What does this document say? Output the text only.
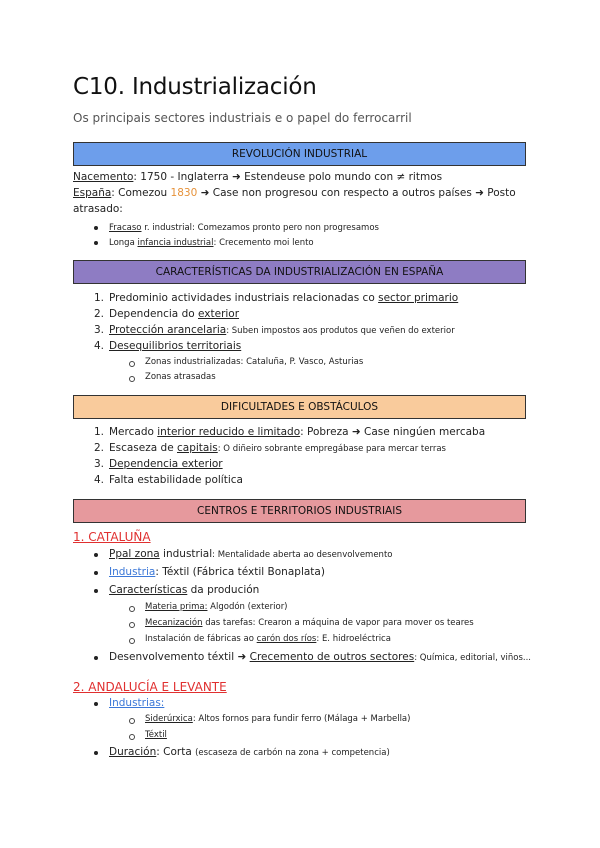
C10. Industrialización
Os principais sectores industriais e o papel do ferrocarril
REVOLUCIÓN INDUSTRIAL
Nacemento: 1750 - Inglaterra ➜ Estendeuse polo mundo con ≠ ritmos
España: Comezou 1830 ➜ Case non progresou con respecto a outros países ➜ Posto
atrasado:
Fracaso r. industrial: Comezamos pronto pero non progresamos
Longa infancia industrial: Crecemento moi lento
CARACTERÍSTICAS DA INDUSTRIALIZACIÓN EN ESPAÑA
1. Predominio actividades industriais relacionadas co sector primario
2. Dependencia do exterior
3. Protección arancelaria: Suben impostos aos produtos que veñen do exterior
4. Desequilibrios territoriais
Zonas industrializadas: Cataluña, P. Vasco, Asturias
Zonas atrasadas
DIFICULTADES E OBSTÁCULOS
1. Mercado interior reducido e limitado: Pobreza ➜ Case ningúen mercaba
2. Escaseza de capitais: O diñeiro sobrante empregábase para mercar terras
3. Dependencia exterior
4. Falta estabilidade política
CENTROS E TERRITORIOS INDUSTRIAIS
1. CATALUÑA
Ppal zona industrial: Mentalidade aberta ao desenvolvemento
Industria: Téxtil (Fábrica téxtil Bonaplata)
Características da produción
Materia prima: Algodón (exterior)
Mecanización das tarefas: Crearon a máquina de vapor para mover os teares
Instalación de fábricas ao carón dos ríos: E. hidroeléctrica
Desenvolvemento téxtil ➜ Crecemento de outros sectores: Química, editorial, viños...
2. ANDALUCÍA E LEVANTE
Industrias:
Siderúrxica: Altos fornos para fundir ferro (Málaga + Marbella)
Téxtil
Duración: Corta (escaseza de carbón na zona + competencia)
